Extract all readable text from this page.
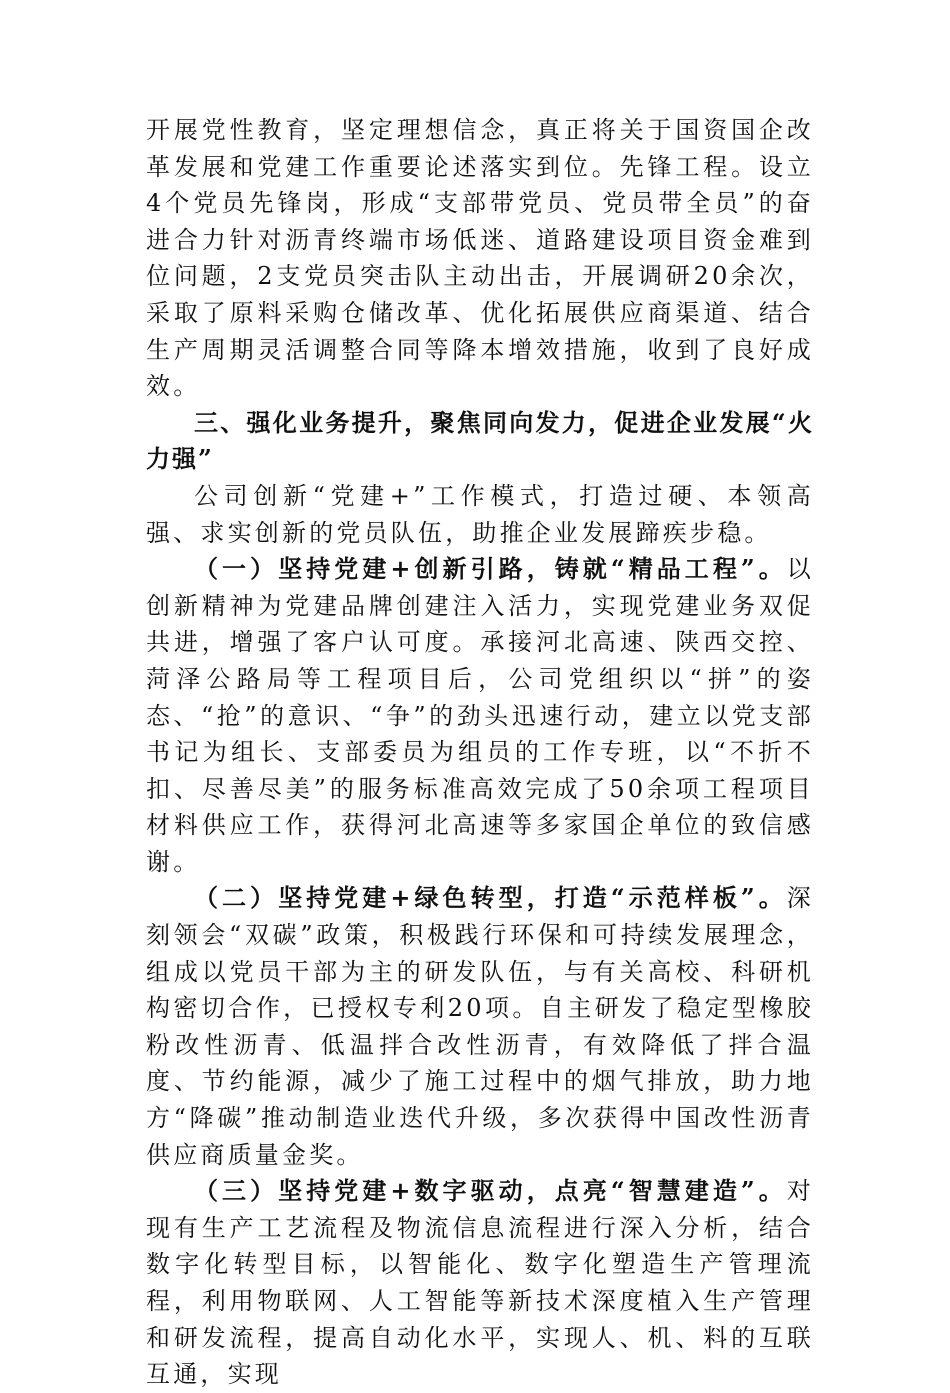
开展党性教育，坚定理想信念，真正将关于国资国企改革发展和党建工作重要论述落实到位。先锋工程。设立4个党员先锋岗，形成“支部带党员、党员带全员”的奋进合力针对沥青终端市场低迷、道路建设项目资金难到位问题，2支党员突击队主动出击，开展调研20余次，采取了原料采购仓储改革、优化拓展供应商渠道、结合生产周期灵活调整合同等降本增效措施，收到了良好成效。

三、强化业务提升，聚焦同向发力，促进企业发展“火力强”

公司创新“党建+”工作模式，打造过硬、本领高强、求实创新的党员队伍，助推企业发展蹄疾步稳。

（一）坚持党建+创新引路，铸就“精品工程”。以创新精神为党建品牌创建注入活力，实现党建业务双促共进，增强了客户认可度。承接河北高速、陕西交控、菏泽公路局等工程项目后，公司党组织以“拼”的姿态、“抢”的意识、“争”的劲头迅速行动，建立以党支部书记为组长、支部委员为组员的工作专班，以“不折不扣、尽善尽美”的服务标准高效完成了50余项工程项目材料供应工作，获得河北高速等多家国企单位的致信感谢。

（二）坚持党建+绿色转型，打造“示范样板”。深刻领会“双碳”政策，积极践行环保和可持续发展理念，组成以党员干部为主的研发队伍，与有关高校、科研机构密切合作，已授权专利20项。自主研发了稳定型橡胶粉改性沥青、低温拌合改性沥青，有效降低了拌合温度、节约能源，减少了施工过程中的烟气排放，助力地方“降碳”推动制造业迭代升级，多次获得中国改性沥青供应商质量金奖。

（三）坚持党建+数字驱动，点亮“智慧建造”。对现有生产工艺流程及物流信息流程进行深入分析，结合数字化转型目标，以智能化、数字化塑造生产管理流程，利用物联网、人工智能等新技术深度植入生产管理和研发流程，提高自动化水平，实现人、机、料的互联互通，实现
